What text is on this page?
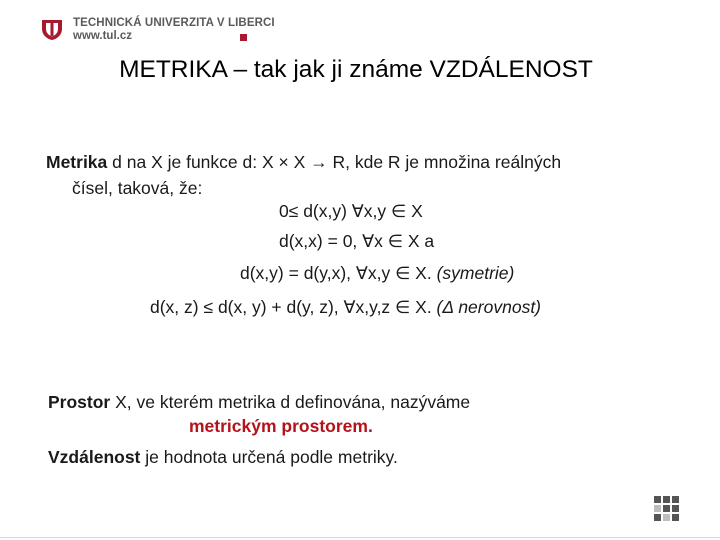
TECHNICKÁ UNIVERZITA V LIBERCI
www.tul.cz
METRIKA – tak jak ji známe VZDÁLENOST
Metrika d na X je funkce d: X × X → R, kde R je množina reálných
čísel, taková, že:
0≤ d(x,y) ∀x,y ∈ X
d(x,x) = 0, ∀x ∈ X a
d(x,y) = d(y,x), ∀x,y ∈ X. (symetrie)
d(x, z) ≤ d(x, y) + d(y, z), ∀x,y,z ∈ X. (Δ nerovnost)
Prostor X, ve kterém metrika d definována, nazýváme
metrickým prostorem.
Vzdálenost je hodnota určená podle metriky.
